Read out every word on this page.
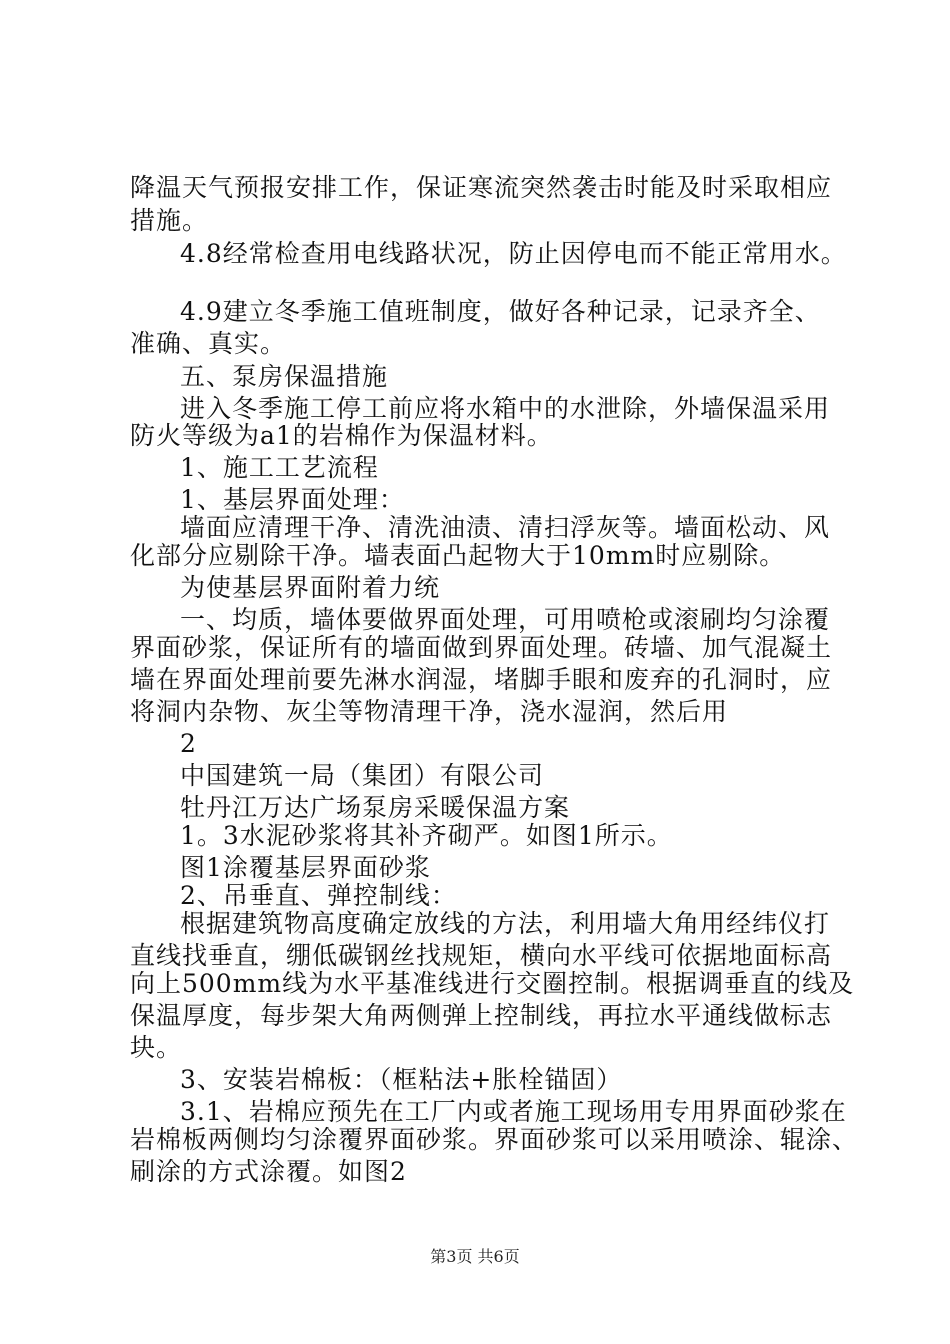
降温天气预报安排工作，保证寒流突然袭击时能及时采取相应
措施。
4.8经常检查用电线路状况，防止因停电而不能正常用水。
4.9建立冬季施工值班制度，做好各种记录，记录齐全、
准确、真实。
五、泵房保温措施
进入冬季施工停工前应将水箱中的水泄除，外墙保温采用
防火等级为a1的岩棉作为保温材料。
1、施工工艺流程
1、基层界面处理：
墙面应清理干净、清洗油渍、清扫浮灰等。墙面松动、风
化部分应剔除干净。墙表面凸起物大于10mm时应剔除。
为使基层界面附着力统
一、均质，墙体要做界面处理，可用喷枪或滚刷均匀涂覆
界面砂浆，保证所有的墙面做到界面处理。砖墙、加气混凝土
墙在界面处理前要先淋水润湿，堵脚手眼和废弃的孔洞时，应
将洞内杂物、灰尘等物清理干净，浇水湿润，然后用
2
中国建筑一局（集团）有限公司
牡丹江万达广场泵房采暖保温方案
1。3水泥砂浆将其补齐砌严。如图1所示。
图1涂覆基层界面砂浆
2、吊垂直、弹控制线：
根据建筑物高度确定放线的方法，利用墙大角用经纬仪打
直线找垂直，绷低碳钢丝找规矩，横向水平线可依据地面标高
向上500mm线为水平基准线进行交圈控制。根据调垂直的线及
保温厚度，每步架大角两侧弹上控制线，再拉水平通线做标志
块。
3、安装岩棉板：（框粘法+胀栓锚固）
3.1、岩棉应预先在工厂内或者施工现场用专用界面砂浆在
岩棉板两侧均匀涂覆界面砂浆。界面砂浆可以采用喷涂、辊涂、
刷涂的方式涂覆。如图2
第3页 共6页
